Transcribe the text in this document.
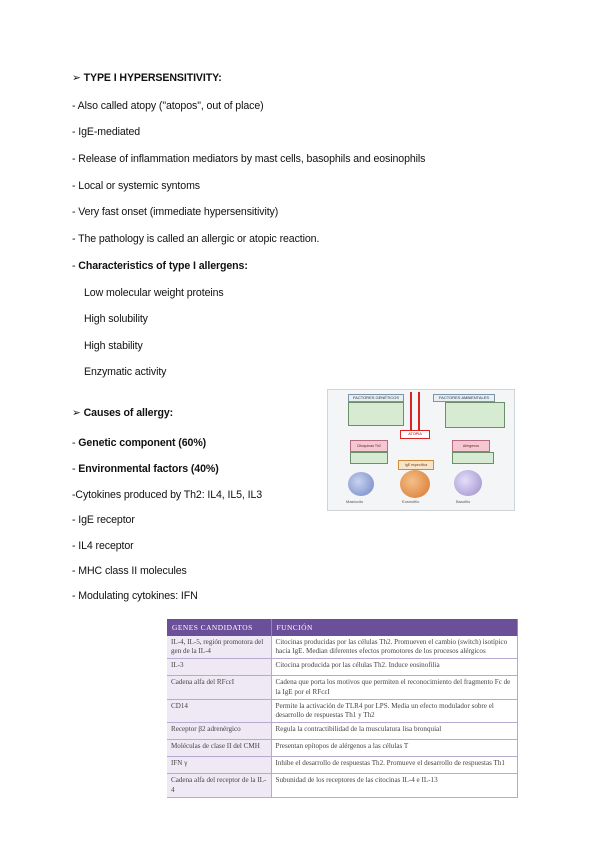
➢ TYPE I HYPERSENSITIVITY:
- Also called atopy ("atopos", out of place)
- IgE-mediated
- Release of inflammation mediators by mast cells, basophils and eosinophils
- Local or systemic syntoms
- Very fast onset (immediate hypersensitivity)
- The pathology is called an allergic or atopic reaction.
- Characteristics of type I allergens:
Low molecular weight proteins
High solubility
High stability
Enzymatic activity
➢ Causes of allergy:
- Genetic component (60%)
- Environmental factors (40%)
-Cytokines produced by Th2: IL4, IL5, IL3
- IgE receptor
- IL4 receptor
- MHC class II molecules
- Modulating cytokines: IFN
FACTORES GENÉTICOS	FACTORES AMBIENTALES
ATOPIA
Citoquinas Th2	Alérgenos
IgE específica
Mastocito	Eosinófilo	Basófilo
GENES CANDIDATOS	FUNCIÓN
IL-4, IL-5, región promotora del gen de la IL-4	Citocinas producidas por las células Th2. Promueven el cambio (switch) isotípico hacia IgE. Median diferentes efectos promotores de los procesos alérgicos
IL-3	Citocina producida por las células Th2. Induce eosinofilia
Cadena alfa del RFcεI	Cadena que porta los motivos que permiten el reconocimiento del fragmento Fc de la IgE por el RFcεI
CD14	Permite la activación de TLR4 por LPS. Media un efecto modulador sobre el desarrollo de respuestas Th1 y Th2
Receptor β2 adrenérgico	Regula la contractibilidad de la musculatura lisa bronquial
Moléculas de clase II del CMH	Presentan epítopos de alérgenos a las células T
IFN γ	Inhibe el desarrollo de respuestas Th2. Promueve el desarrollo de respuestas Th1
Cadena alfa del receptor de la IL-4	Subunidad de los receptores de las citocinas IL-4 e IL-13
